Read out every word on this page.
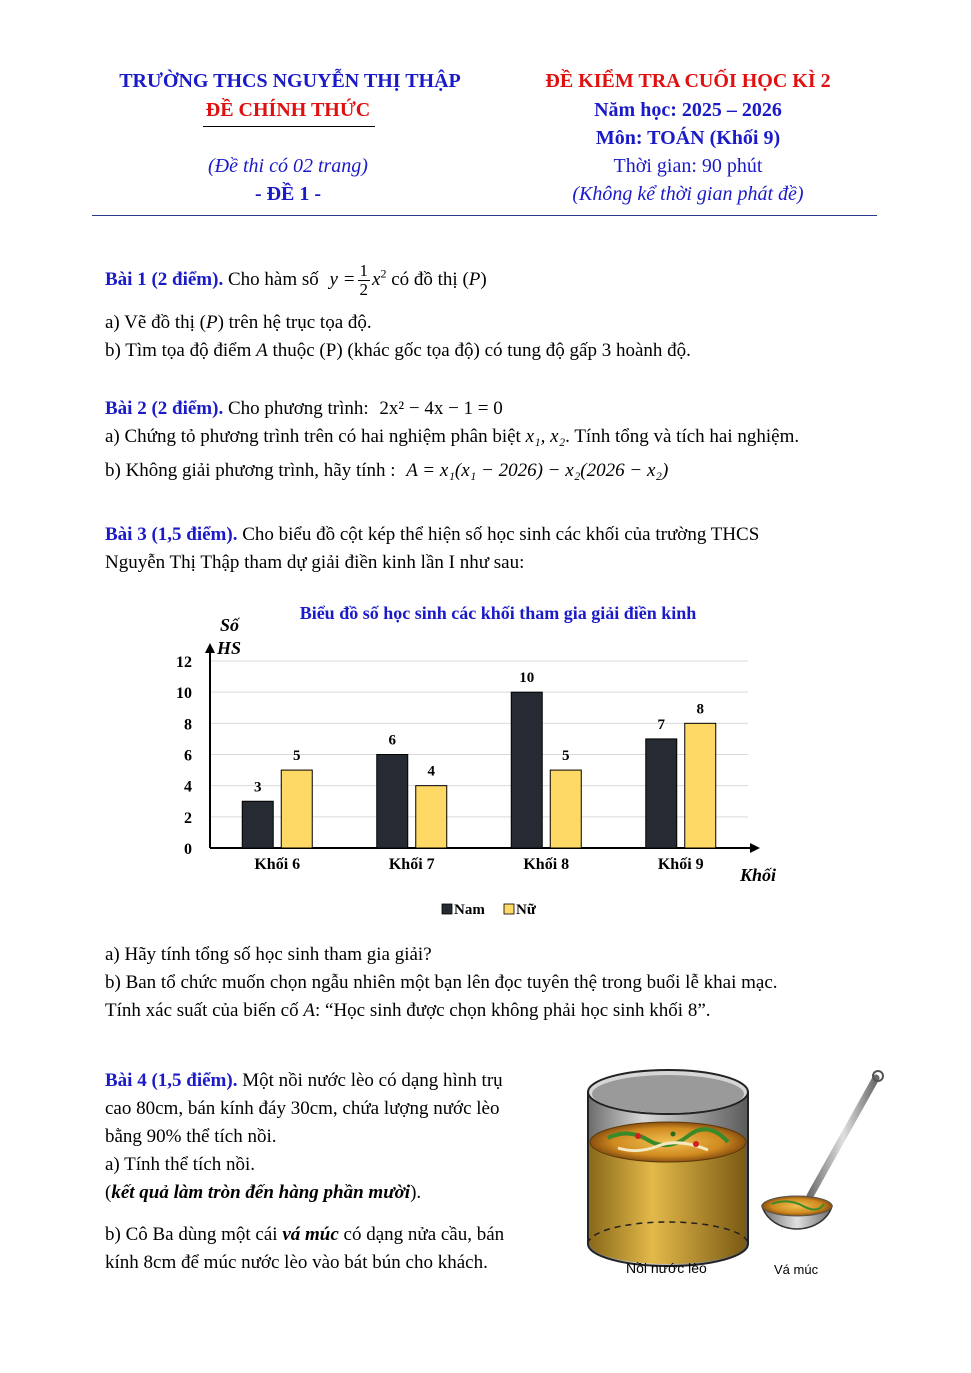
TRƯỜNG THCS NGUYỄN THỊ THẬP
ĐỀ CHÍNH THỨC
(Đề thi có 02 trang)
- ĐỀ 1 -
ĐỀ KIỂM TRA CUỐI HỌC KÌ 2
Năm học: 2025 – 2026
Môn: TOÁN (Khối 9)
Thời gian: 90 phút
(Không kể thời gian phát đề)
Bài 1 (2 điểm). Cho hàm số $y = \frac{1}{2} x^2$ có đồ thị (P)
a) Vẽ đồ thị (P) trên hệ trục tọa độ.
b) Tìm tọa độ điểm A thuộc (P) (khác gốc tọa độ) có tung độ gấp 3 hoành độ.
Bài 2 (2 điểm). Cho phương trình: 2x² − 4x − 1 = 0
a) Chứng tỏ phương trình trên có hai nghiệm phân biệt x₁, x₂. Tính tổng và tích hai nghiệm.
b) Không giải phương trình, hãy tính : A = x₁(x₁ − 2026) − x₂(2026 − x₂)
Bài 3 (1,5 điểm). Cho biểu đồ cột kép thể hiện số học sinh các khối của trường THCS
Nguyễn Thị Thập tham dự giải điền kinh lần I như sau:
Biểu đồ số học sinh các khối tham gia giải điền kinh
Số
HS
Khối
0
2
4
6
8
10
12
3
5
Khối 6
6
4
Khối 7
10
5
Khối 8
7
8
Khối 9
Nam Nữ
a) Hãy tính tổng số học sinh tham gia giải?
b) Ban tổ chức muốn chọn ngẫu nhiên một bạn lên đọc tuyên thệ trong buổi lễ khai mạc.
Tính xác suất của biến cố A: “Học sinh được chọn không phải học sinh khối 8”.
Bài 4 (1,5 điểm). Một nồi nước lèo có dạng hình trụ
cao 80cm, bán kính đáy 30cm, chứa lượng nước lèo
bằng 90% thể tích nồi.
a) Tính thể tích nồi.
(kết quả làm tròn đến hàng phần mười).
b) Cô Ba dùng một cái vá múc có dạng nửa cầu, bán
kính 8cm để múc nước lèo vào bát bún cho khách.	Nồi nước lèo	Vá múc
